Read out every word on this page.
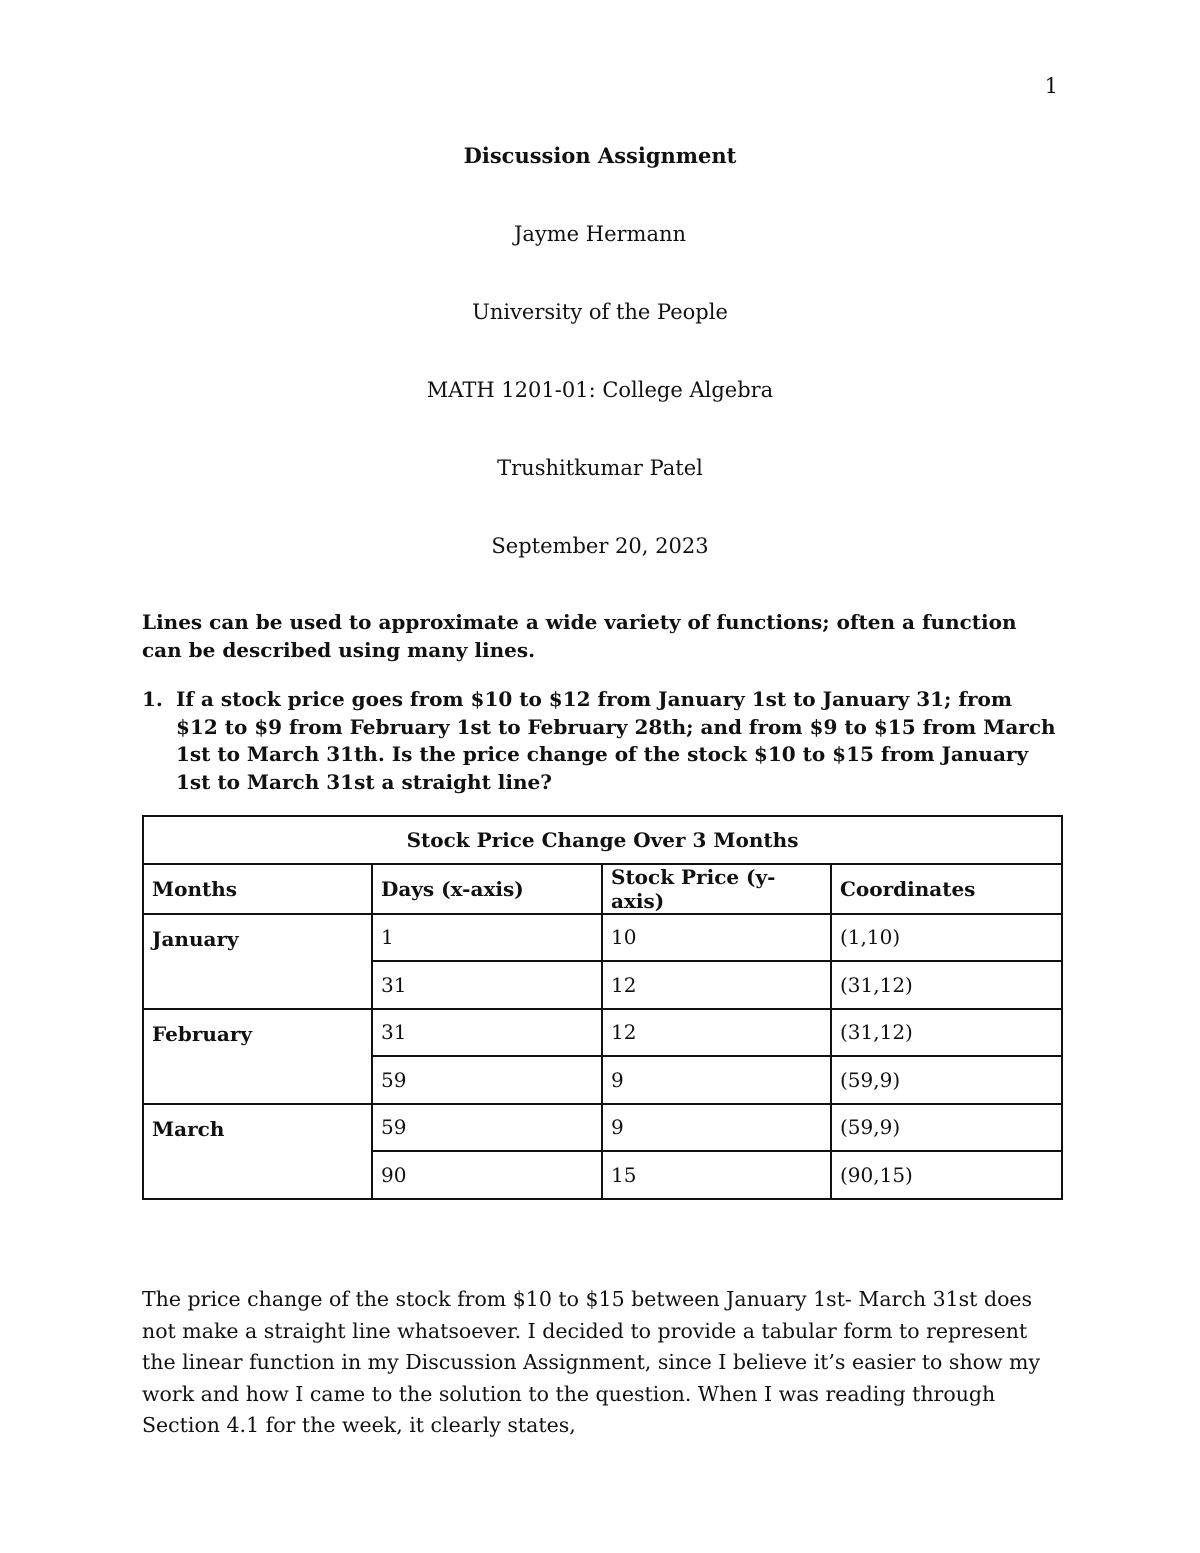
1
Discussion Assignment
Jayme Hermann
University of the People
MATH 1201-01: College Algebra
Trushitkumar Patel
September 20, 2023
Lines can be used to approximate a wide variety of functions; often a function can be described using many lines.
1. If a stock price goes from $10 to $12 from January 1st to January 31; from $12 to $9 from February 1st to February 28th; and from $9 to $15 from March 1st to March 31th. Is the price change of the stock $10 to $15 from January 1st to March 31st a straight line?
Stock Price Change Over 3 Months			
Months	Days (x-axis)	Stock Price (y-axis)	Coordinates
January	1	10	(1,10)
	31	12	(31,12)
February	31	12	(31,12)
	59	9	(59,9)
March	59	9	(59,9)
	90	15	(90,15)
The price change of the stock from $10 to $15 between January 1st- March 31st does not make a straight line whatsoever. I decided to provide a tabular form to represent the linear function in my Discussion Assignment, since I believe it’s easier to show my work and how I came to the solution to the question. When I was reading through Section 4.1 for the week, it clearly states,
